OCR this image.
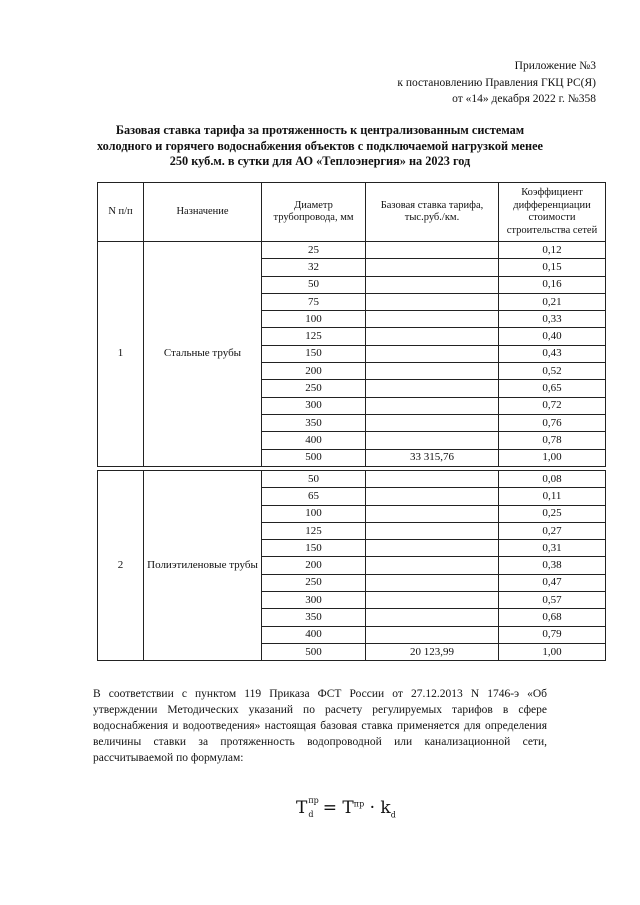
Приложение №3
к постановлению Правления ГКЦ РС(Я)
от «14» декабря 2022 г. №358
Базовая ставка тарифа за протяженность к централизованным системам холодного и горячего водоснабжения объектов с подключаемой нагрузкой менее 250 куб.м. в сутки для АО «Теплоэнергия» на 2023 год
N п/п	Назначение	Диаметр трубопровода, мм	Базовая ставка тарифа, тыс.руб./км.	Коэффициент дифференциации стоимости строительства сетей
1	Стальные трубы	25		0,12
		32		0,15
		50		0,16
		75		0,21
		100		0,33
		125		0,40
		150		0,43
		200		0,52
		250		0,65
		300		0,72
		350		0,76
		400		0,78
		500	33 315,76	1,00
2	Полиэтиленовые трубы	50		0,08
		65		0,11
		100		0,25
		125		0,27
		150		0,31
		200		0,38
		250		0,47
		300		0,57
		350		0,68
		400		0,79
		500	20 123,99	1,00
В соответствии с пунктом 119 Приказа ФСТ России от 27.12.2013 N 1746-э «Об утверждении Методических указаний по расчету регулируемых тарифов в сфере водоснабжения и водоотведения» настоящая базовая ставка применяется для определения величины ставки за протяженность водопроводной или канализационной сети, рассчитываемой по формулам:
T пр
$d = T^{пр} \cdot k_d$
